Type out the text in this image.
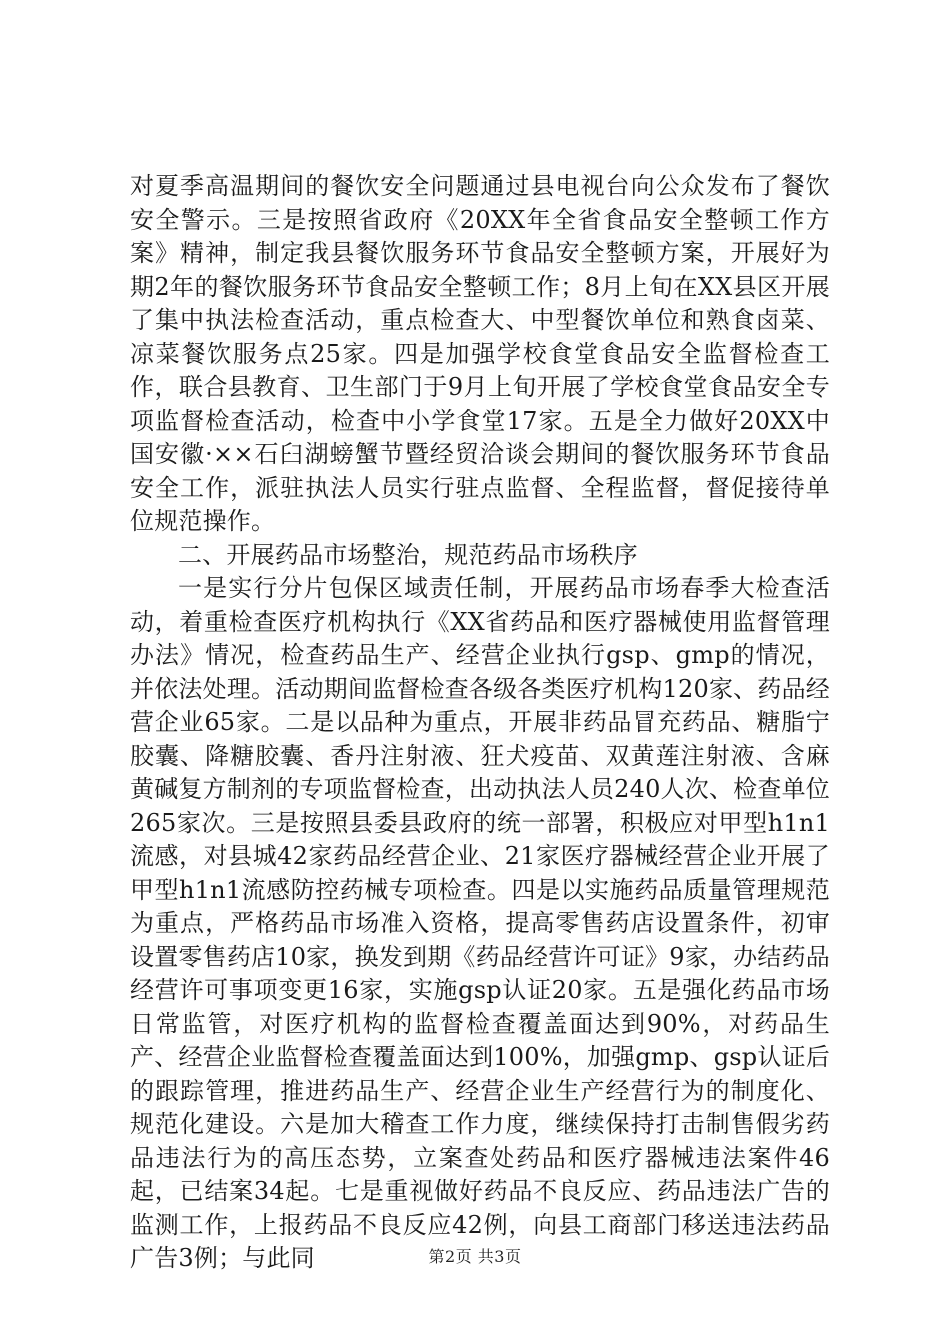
对夏季高温期间的餐饮安全问题通过县电视台向公众发布了餐饮安全警示。三是按照省政府《20XX年全省食品安全整顿工作方案》精神，制定我县餐饮服务环节食品安全整顿方案，开展好为期2年的餐饮服务环节食品安全整顿工作；8月上旬在XX县区开展了集中执法检查活动，重点检查大、中型餐饮单位和熟食卤菜、凉菜餐饮服务点25家。四是加强学校食堂食品安全监督检查工作，联合县教育、卫生部门于9月上旬开展了学校食堂食品安全专项监督检查活动，检查中小学食堂17家。五是全力做好20XX中国安徽·××石臼湖螃蟹节暨经贸洽谈会期间的餐饮服务环节食品安全工作，派驻执法人员实行驻点监督、全程监督，督促接待单位规范操作。

二、开展药品市场整治，规范药品市场秩序

一是实行分片包保区域责任制，开展药品市场春季大检查活动，着重检查医疗机构执行《XX省药品和医疗器械使用监督管理办法》情况，检查药品生产、经营企业执行gsp、gmp的情况，并依法处理。活动期间监督检查各级各类医疗机构120家、药品经营企业65家。二是以品种为重点，开展非药品冒充药品、糖脂宁胶囊、降糖胶囊、香丹注射液、狂犬疫苗、双黄莲注射液、含麻黄碱复方制剂的专项监督检查，出动执法人员240人次、检查单位265家次。三是按照县委县政府的统一部署，积极应对甲型h1n1流感，对县城42家药品经营企业、21家医疗器械经营企业开展了甲型h1n1流感防控药械专项检查。四是以实施药品质量管理规范为重点，严格药品市场准入资格，提高零售药店设置条件，初审设置零售药店10家，换发到期《药品经营许可证》9家，办结药品经营许可事项变更16家，实施gsp认证20家。五是强化药品市场日常监管，对医疗机构的监督检查覆盖面达到90%，对药品生产、经营企业监督检查覆盖面达到100%，加强gmp、gsp认证后的跟踪管理，推进药品生产、经营企业生产经营行为的制度化、规范化建设。六是加大稽查工作力度，继续保持打击制售假劣药品违法行为的高压态势，立案查处药品和医疗器械违法案件46起，已结案34起。七是重视做好药品不良反应、药品违法广告的监测工作，上报药品不良反应42例，向县工商部门移送违法药品广告3例；与此同	第2页 共3页
